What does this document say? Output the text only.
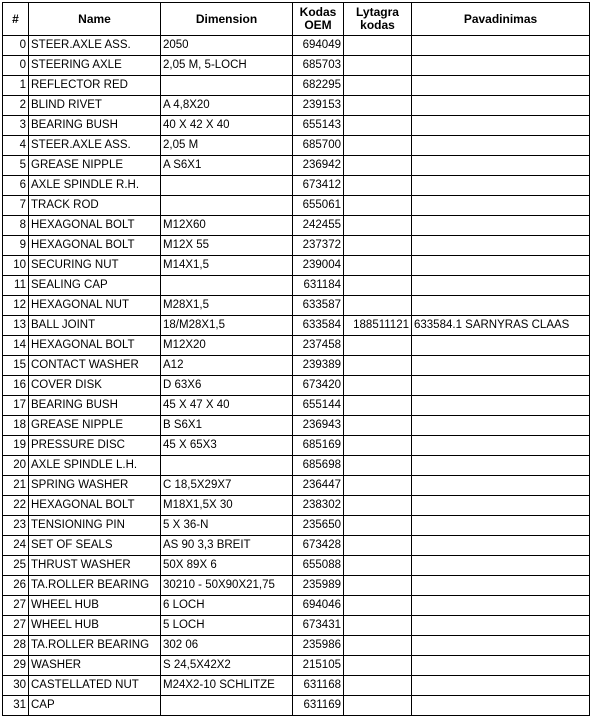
#	Name	Dimension	Kodas OEM	Lytagra kodas	Pavadinimas
0	STEER.AXLE ASS.	2050	694049		
0	STEERING AXLE	2,05 M, 5-LOCH	685703		
1	REFLECTOR RED		682295		
2	BLIND RIVET	A 4,8X20	239153		
3	BEARING BUSH	40 X 42 X 40	655143		
4	STEER.AXLE ASS.	2,05 M	685700		
5	GREASE NIPPLE	A S6X1	236942		
6	AXLE SPINDLE R.H.		673412		
7	TRACK ROD		655061		
8	HEXAGONAL BOLT	M12X60	242455		
9	HEXAGONAL BOLT	M12X 55	237372		
10	SECURING NUT	M14X1,5	239004		
11	SEALING CAP		631184		
12	HEXAGONAL NUT	M28X1,5	633587		
13	BALL JOINT	18/M28X1,5	633584	188511121	633584.1 SARNYRAS CLAAS
14	HEXAGONAL BOLT	M12X20	237458		
15	CONTACT WASHER	A12	239389		
16	COVER DISK	D 63X6	673420		
17	BEARING BUSH	45 X 47 X 40	655144		
18	GREASE NIPPLE	B S6X1	236943		
19	PRESSURE DISC	45 X 65X3	685169		
20	AXLE SPINDLE L.H.		685698		
21	SPRING WASHER	C 18,5X29X7	236447		
22	HEXAGONAL BOLT	M18X1,5X 30	238302		
23	TENSIONING PIN	5 X 36-N	235650		
24	SET OF SEALS	AS 90 3,3 BREIT	673428		
25	THRUST WASHER	50X 89X 6	655088		
26	TA.ROLLER BEARING	30210 - 50X90X21,75	235989		
27	WHEEL HUB	6 LOCH	694046		
27	WHEEL HUB	5 LOCH	673431		
28	TA.ROLLER BEARING	302 06	235986		
29	WASHER	S 24,5X42X2	215105		
30	CASTELLATED NUT	M24X2-10 SCHLITZE	631168		
31	CAP		631169		
